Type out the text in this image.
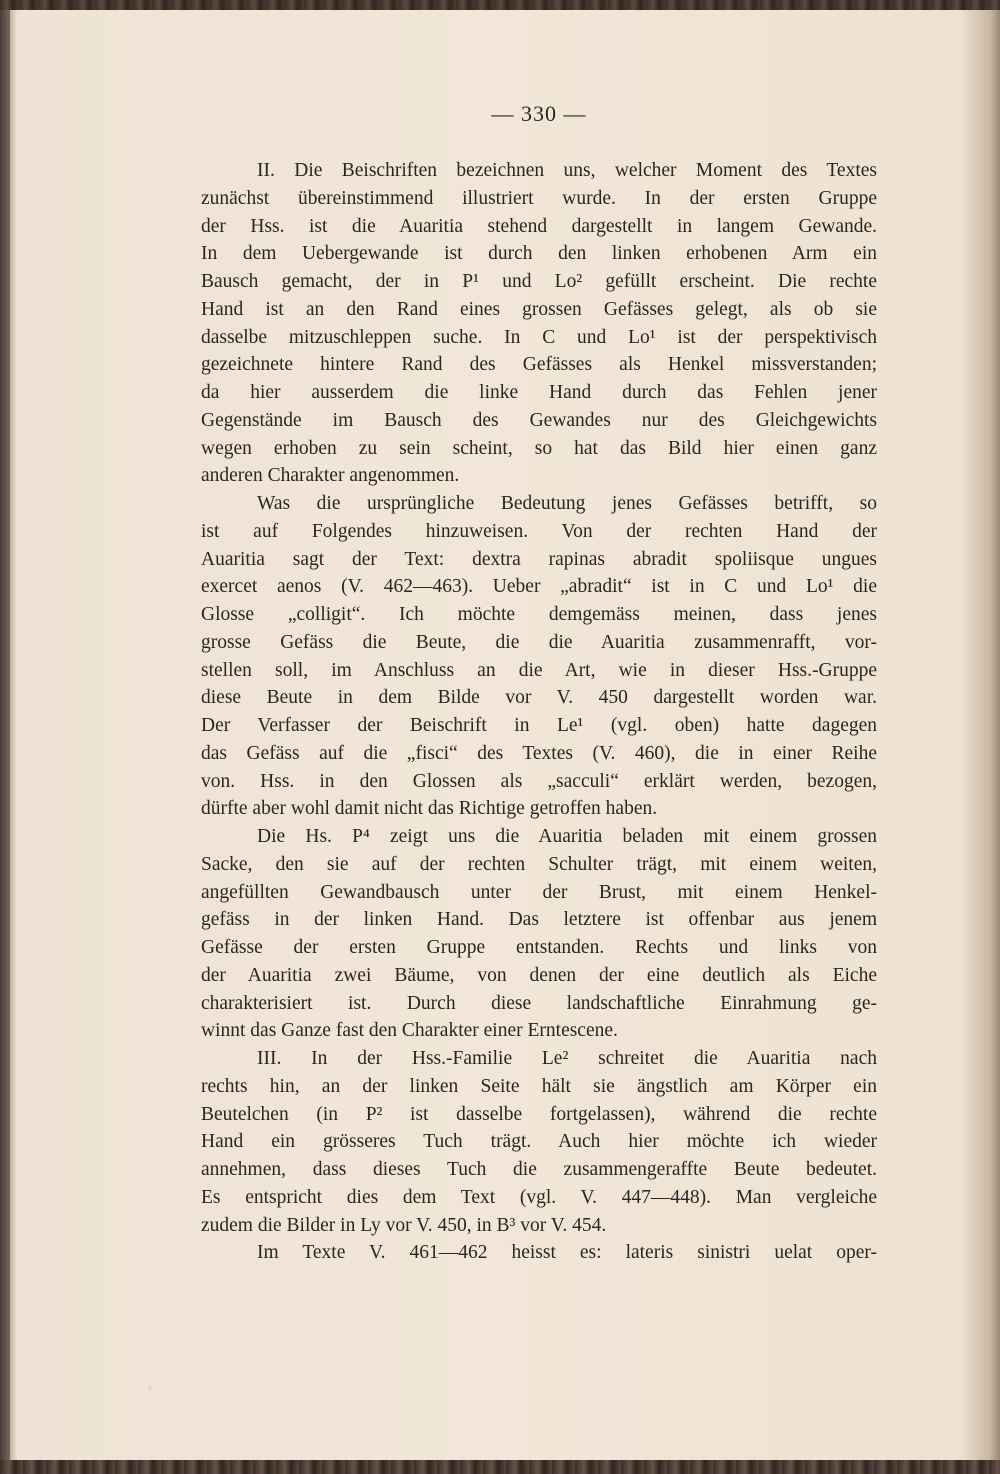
— 330 —
II. Die Beischriften bezeichnen uns, welcher Moment des Textes
zunächst übereinstimmend illustriert wurde. In der ersten Gruppe
der Hss. ist die Auaritia stehend dargestellt in langem Gewande.
In dem Uebergewande ist durch den linken erhobenen Arm ein
Bausch gemacht, der in P¹ und Lo² gefüllt erscheint. Die rechte
Hand ist an den Rand eines grossen Gefässes gelegt, als ob sie
dasselbe mitzuschleppen suche. In C und Lo¹ ist der perspektivisch
gezeichnete hintere Rand des Gefässes als Henkel missverstanden;
da hier ausserdem die linke Hand durch das Fehlen jener
Gegenstände im Bausch des Gewandes nur des Gleichgewichts
wegen erhoben zu sein scheint, so hat das Bild hier einen ganz
anderen Charakter angenommen.
Was die ursprüngliche Bedeutung jenes Gefässes betrifft, so
ist auf Folgendes hinzuweisen. Von der rechten Hand der
Auaritia sagt der Text: dextra rapinas abradit spoliisque ungues
exercet aenos (V. 462—463). Ueber „abradit“ ist in C und Lo¹ die
Glosse „colligit“. Ich möchte demgemäss meinen, dass jenes
grosse Gefäss die Beute, die die Auaritia zusammenrafft, vor-
stellen soll, im Anschluss an die Art, wie in dieser Hss.-Gruppe
diese Beute in dem Bilde vor V. 450 dargestellt worden war.
Der Verfasser der Beischrift in Le¹ (vgl. oben) hatte dagegen
das Gefäss auf die „fisci“ des Textes (V. 460), die in einer Reihe
von. Hss. in den Glossen als „sacculi“ erklärt werden, bezogen,
dürfte aber wohl damit nicht das Richtige getroffen haben.
Die Hs. P⁴ zeigt uns die Auaritia beladen mit einem grossen
Sacke, den sie auf der rechten Schulter trägt, mit einem weiten,
angefüllten Gewandbausch unter der Brust, mit einem Henkel-
gefäss in der linken Hand. Das letztere ist offenbar aus jenem
Gefässe der ersten Gruppe entstanden. Rechts und links von
der Auaritia zwei Bäume, von denen der eine deutlich als Eiche
charakterisiert ist. Durch diese landschaftliche Einrahmung ge-
winnt das Ganze fast den Charakter einer Erntescene.
III. In der Hss.-Familie Le² schreitet die Auaritia nach
rechts hin, an der linken Seite hält sie ängstlich am Körper ein
Beutelchen (in P² ist dasselbe fortgelassen), während die rechte
Hand ein grösseres Tuch trägt. Auch hier möchte ich wieder
annehmen, dass dieses Tuch die zusammengeraffte Beute bedeutet.
Es entspricht dies dem Text (vgl. V. 447—448). Man vergleiche
zudem die Bilder in Ly vor V. 450, in B³ vor V. 454.
Im Texte V. 461—462 heisst es: lateris sinistri uelat oper-
